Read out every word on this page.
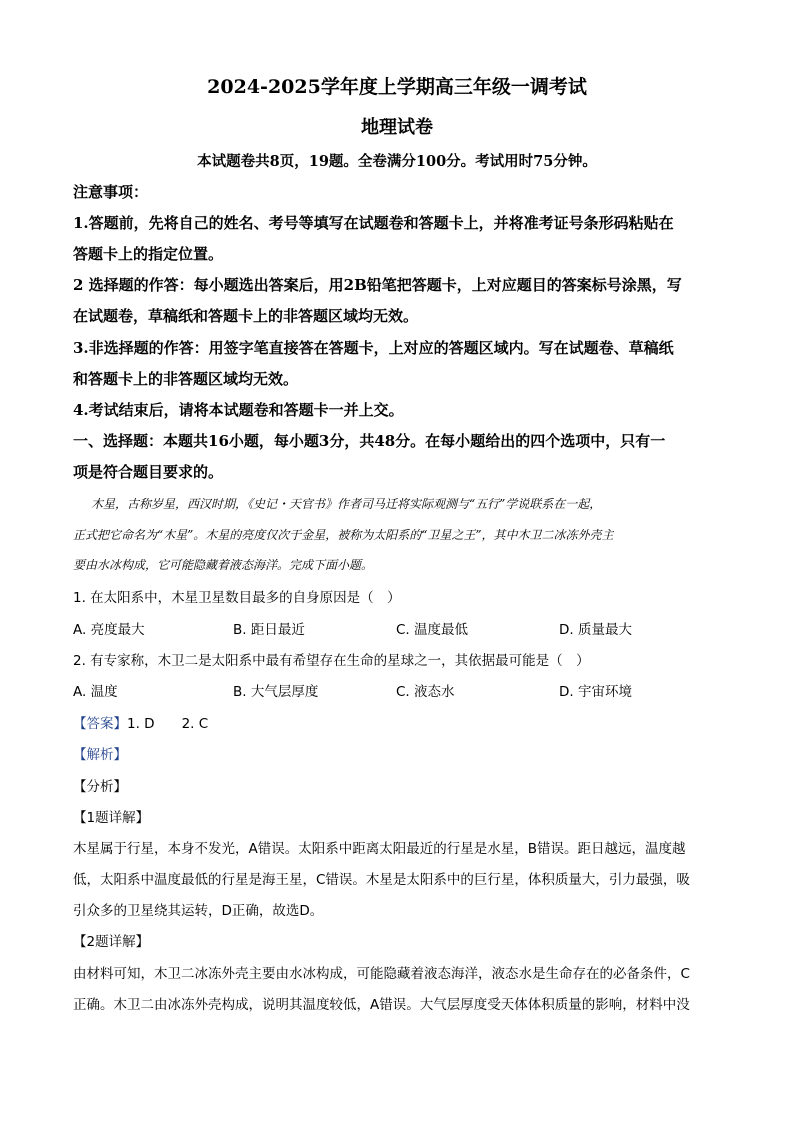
2024-2025学年度上学期高三年级一调考试
地理试卷
本试题卷共8页，19题。全卷满分100分。考试用时75分钟。
注意事项：
1.答题前，先将自己的姓名、考号等填写在试题卷和答题卡上，并将准考证号条形码粘贴在
答题卡上的指定位置。
2 选择题的作答：每小题选出答案后，用2B铅笔把答题卡，上对应题目的答案标号涂黑，写
在试题卷，草稿纸和答题卡上的非答题区域均无效。
3.非选择题的作答：用签字笔直接答在答题卡，上对应的答题区域内。写在试题卷、草稿纸
和答题卡上的非答题区域均无效。
4.考试结束后，请将本试题卷和答题卡一并上交。
一、选择题：本题共16小题，每小题3分，共48分。在每小题给出的四个选项中，只有一
项是符合题目要求的。
木星，古称岁星，西汉时期，《史记・天官书》作者司马迁将实际观测与“五行”学说联系在一起，
正式把它命名为“木星”。木星的亮度仅次于金星，被称为太阳系的“卫星之王”，其中木卫二冰冻外壳主
要由水冰构成，它可能隐藏着液态海洋。完成下面小题。
1. 在太阳系中，木星卫星数目最多的自身原因是（　）
A. 亮度最大	B. 距日最近	C. 温度最低	D. 质量最大
2. 有专家称，木卫二是太阳系中最有希望存在生命的星球之一，其依据最可能是（　）
A. 温度	B. 大气层厚度	C. 液态水	D. 宇宙环境
【答案】1. D　　2. C
【解析】
【分析】
【1题详解】
木星属于行星，本身不发光，A错误。太阳系中距离太阳最近的行星是水星，B错误。距日越远，温度越
低，太阳系中温度最低的行星是海王星，C错误。木星是太阳系中的巨行星，体积质量大，引力最强，吸
引众多的卫星绕其运转，D正确，故选D。
【2题详解】
由材料可知，木卫二冰冻外壳主要由水冰构成，可能隐藏着液态海洋，液态水是生命存在的必备条件，C
正确。木卫二由冰冻外壳构成，说明其温度较低，A错误。大气层厚度受天体体积质量的影响，材料中没
